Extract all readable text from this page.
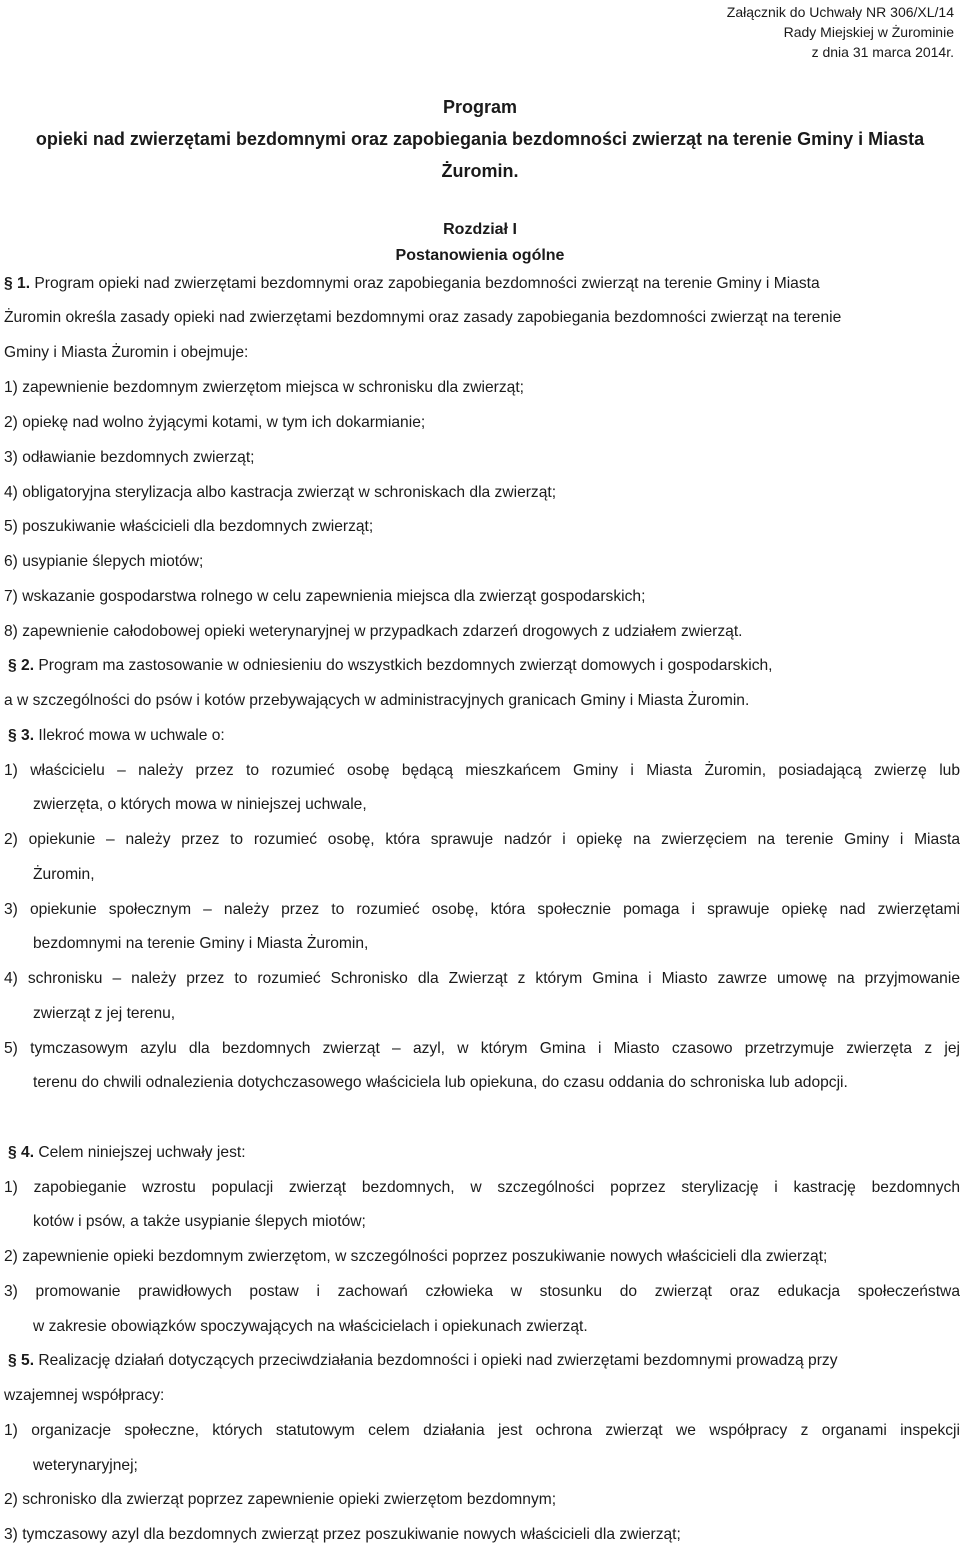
Załącznik do Uchwały NR 306/XL/14
Rady Miejskiej w Żurominie
z dnia 31 marca 2014r.
Program
opieki nad zwierzętami bezdomnymi oraz zapobiegania bezdomności zwierząt na terenie Gminy i Miasta
Żuromin.
Rozdział I
Postanowienia ogólne
§ 1. Program opieki nad zwierzętami bezdomnymi oraz zapobiegania bezdomności zwierząt na terenie Gminy i Miasta
Żuromin określa zasady opieki nad zwierzętami bezdomnymi oraz zasady zapobiegania bezdomności zwierząt na terenie
Gminy i Miasta Żuromin i obejmuje:
1) zapewnienie bezdomnym zwierzętom miejsca w schronisku dla zwierząt;
2) opiekę nad wolno żyjącymi kotami, w tym ich dokarmianie;
3) odławianie bezdomnych zwierząt;
4) obligatoryjna sterylizacja albo kastracja zwierząt w schroniskach dla zwierząt;
5) poszukiwanie właścicieli dla bezdomnych zwierząt;
6) usypianie ślepych miotów;
7) wskazanie gospodarstwa rolnego w celu zapewnienia miejsca dla zwierząt gospodarskich;
8) zapewnienie całodobowej opieki weterynaryjnej w przypadkach zdarzeń drogowych z udziałem zwierząt.
§ 2. Program ma zastosowanie w odniesieniu do wszystkich bezdomnych zwierząt domowych i gospodarskich,
a w szczególności do psów i kotów przebywających w administracyjnych granicach Gminy i Miasta Żuromin.
§ 3. Ilekroć mowa w uchwale o:
1) właścicielu – należy przez to rozumieć osobę będącą mieszkańcem Gminy i Miasta Żuromin, posiadającą zwierzę lub
zwierzęta, o których mowa w niniejszej uchwale,
2) opiekunie – należy przez to rozumieć osobę, która sprawuje nadzór i opiekę na zwierzęciem na terenie Gminy i Miasta
Żuromin,
3) opiekunie społecznym – należy przez to rozumieć osobę, która społecznie pomaga i sprawuje opiekę nad zwierzętami
bezdomnymi na terenie Gminy i Miasta Żuromin,
4) schronisku – należy przez to rozumieć Schronisko dla Zwierząt z którym Gmina i Miasto zawrze umowę na przyjmowanie
zwierząt z jej terenu,
5) tymczasowym azylu dla bezdomnych zwierząt – azyl, w którym Gmina i Miasto czasowo przetrzymuje zwierzęta z jej
terenu do chwili odnalezienia dotychczasowego właściciela lub opiekuna, do czasu oddania do schroniska lub adopcji.
§ 4. Celem niniejszej uchwały jest:
1) zapobieganie wzrostu populacji zwierząt bezdomnych, w szczególności poprzez sterylizację i kastrację bezdomnych
kotów i psów, a także usypianie ślepych miotów;
2) zapewnienie opieki bezdomnym zwierzętom, w szczególności poprzez poszukiwanie nowych właścicieli dla zwierząt;
3) promowanie prawidłowych postaw i zachowań człowieka w stosunku do zwierząt oraz edukacja społeczeństwa
w zakresie obowiązków spoczywających na właścicielach i opiekunach zwierząt.
§ 5. Realizację działań dotyczących przeciwdziałania bezdomności i opieki nad zwierzętami bezdomnymi prowadzą przy
wzajemnej współpracy:
1) organizacje społeczne, których statutowym celem działania jest ochrona zwierząt we współpracy z organami inspekcji
weterynaryjnej;
2) schronisko dla zwierząt poprzez zapewnienie opieki zwierzętom bezdomnym;
3) tymczasowy azyl dla bezdomnych zwierząt przez poszukiwanie nowych właścicieli dla zwierząt;
